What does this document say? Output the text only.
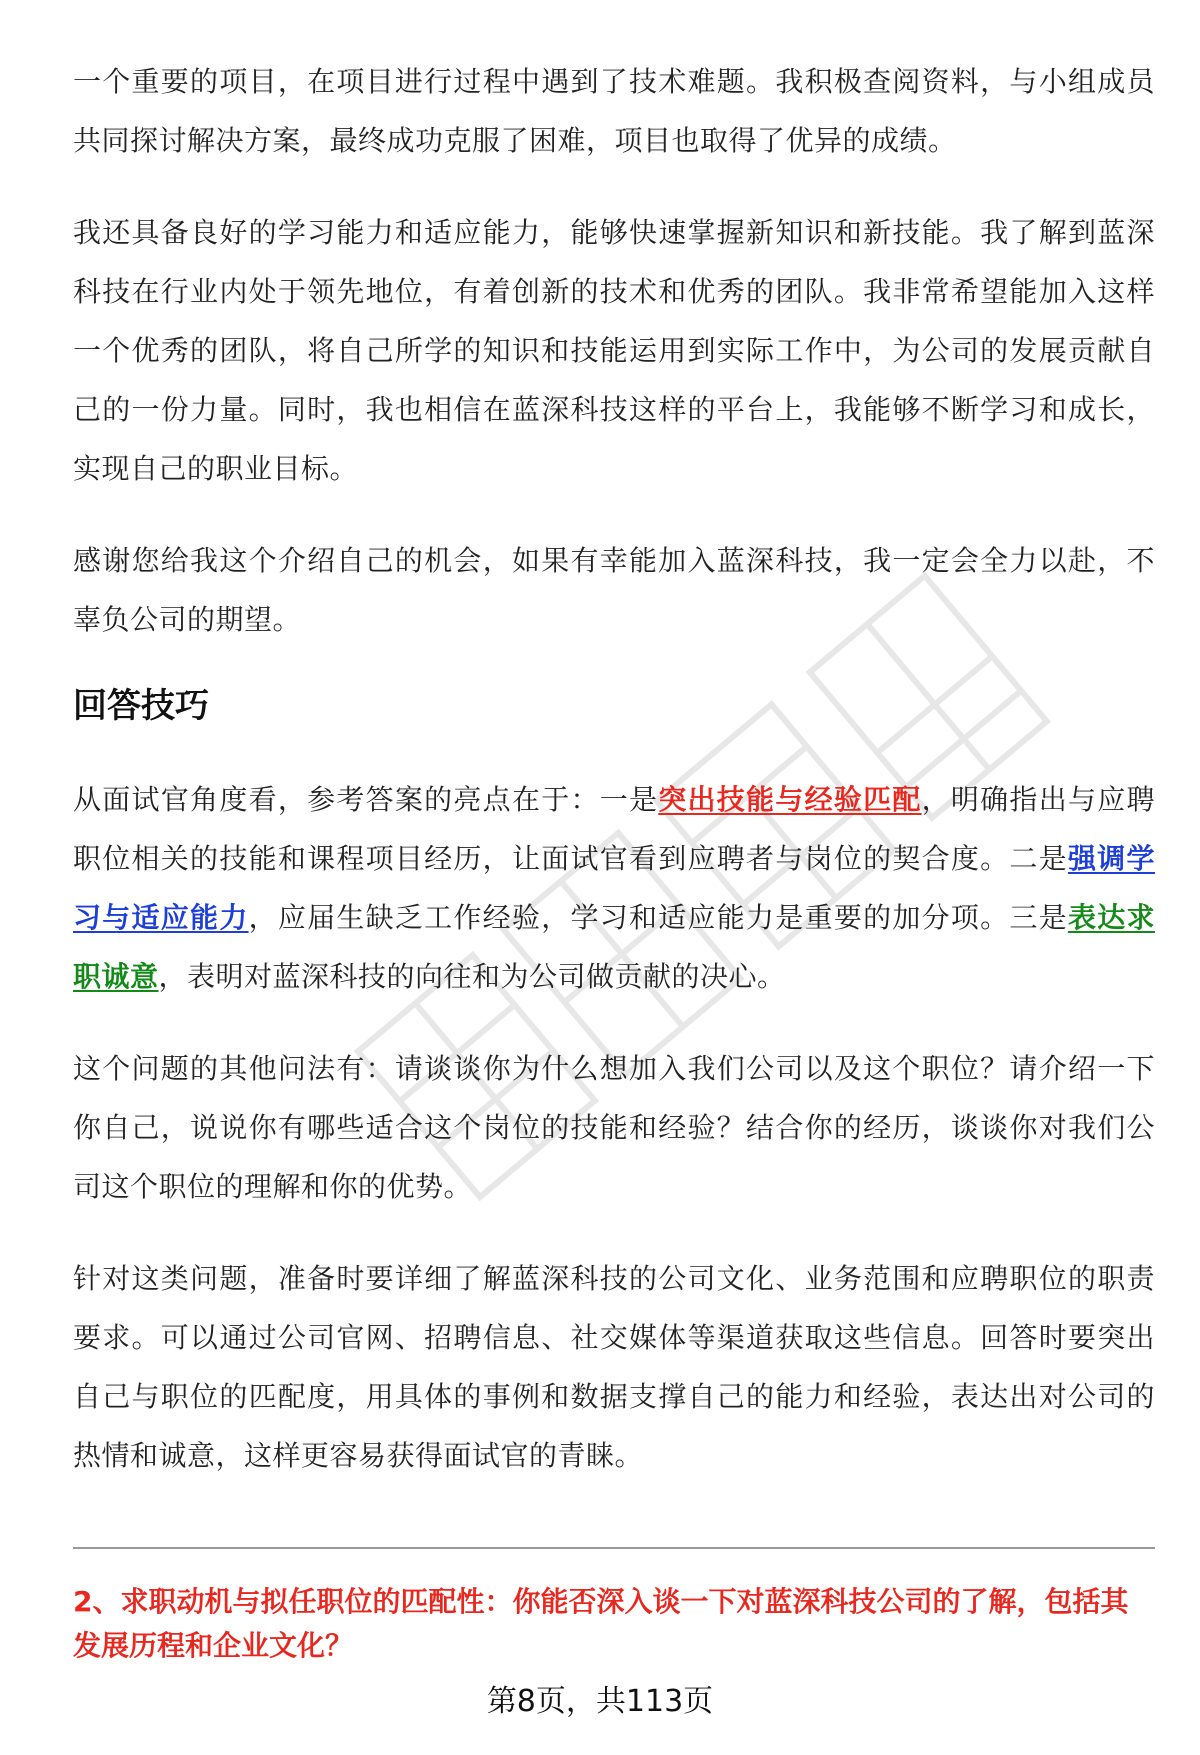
一个重要的项目，在项目进行过程中遇到了技术难题。我积极查阅资料，与小组成员共同探讨解决方案，最终成功克服了困难，项目也取得了优异的成绩。

我还具备良好的学习能力和适应能力，能够快速掌握新知识和新技能。我了解到蓝深科技在行业内处于领先地位，有着创新的技术和优秀的团队。我非常希望能加入这样一个优秀的团队，将自己所学的知识和技能运用到实际工作中，为公司的发展贡献自己的一份力量。同时，我也相信在蓝深科技这样的平台上，我能够不断学习和成长，实现自己的职业目标。

感谢您给我这个介绍自己的机会，如果有幸能加入蓝深科技，我一定会全力以赴，不辜负公司的期望。

回答技巧

从面试官角度看，参考答案的亮点在于：一是突出技能与经验匹配，明确指出与应聘职位相关的技能和课程项目经历，让面试官看到应聘者与岗位的契合度。二是强调学习与适应能力，应届生缺乏工作经验，学习和适应能力是重要的加分项。三是表达求职诚意，表明对蓝深科技的向往和为公司做贡献的决心。

这个问题的其他问法有：请谈谈你为什么想加入我们公司以及这个职位？请介绍一下你自己，说说你有哪些适合这个岗位的技能和经验？结合你的经历，谈谈你对我们公司这个职位的理解和你的优势。

针对这类问题，准备时要详细了解蓝深科技的公司文化、业务范围和应聘职位的职责要求。可以通过公司官网、招聘信息、社交媒体等渠道获取这些信息。回答时要突出自己与职位的匹配度，用具体的事例和数据支撑自己的能力和经验，表达出对公司的热情和诚意，这样更容易获得面试官的青睐。

2、求职动机与拟任职位的匹配性：你能否深入谈一下对蓝深科技公司的了解，包括其发展历程和企业文化？

第8页，共113页
